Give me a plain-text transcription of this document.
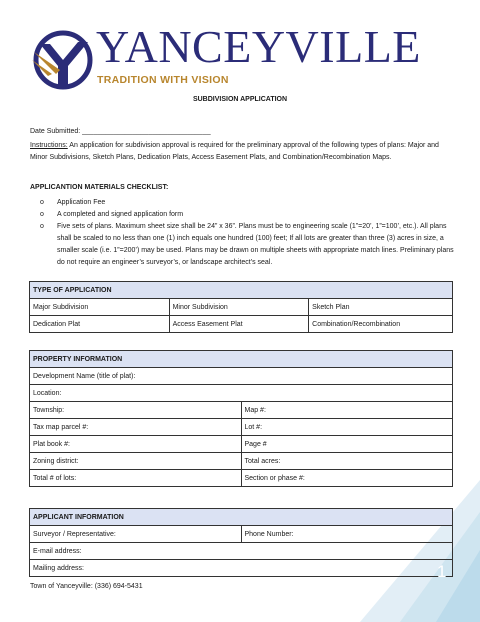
YANCEYVILLE
TRADITION WITH VISION
SUBDIVISION APPLICATION
Date Submitted: _________________________________
Instructions: An application for subdivision approval is required for the preliminary approval of the following types of plans: Major and Minor Subdivisions, Sketch Plans, Dedication Plats, Access Easement Plats, and Combination/Recombination Maps.
APPLICANTION MATERIALS CHECKLIST:
o Application Fee
o A completed and signed application form
o Five sets of plans. Maximum sheet size shall be 24” x 36”. Plans must be to engineering scale (1”=20’, 1”=100’, etc.). All plans shall be scaled to no less than one (1) inch equals one hundred (100) feet; If all lots are greater than three (3) acres in size, a smaller scale (i.e. 1”=200’) may be used. Plans may be drawn on multiple sheets with appropriate match lines. Preliminary plans do not require an engineer’s surveyor’s, or landscape architect’s seal.
TYPE OF APPLICATION		
Major Subdivision	Minor Subdivision	Sketch Plan
Dedication Plat	Access Easement Plat	Combination/Recombination
PROPERTY INFORMATION	
Development Name (title of plat):	
Location:	
Township:	Map #:
Tax map parcel #:	Lot #:
Plat book #:	Page #
Zoning district:	Total acres:
Total # of lots:	Section or phase #:
APPLICANT INFORMATION
Surveyor / Representative:	Phone Number:
E-mail address:
Mailing address:
Town of Yanceyville: (336) 694-5431
1
